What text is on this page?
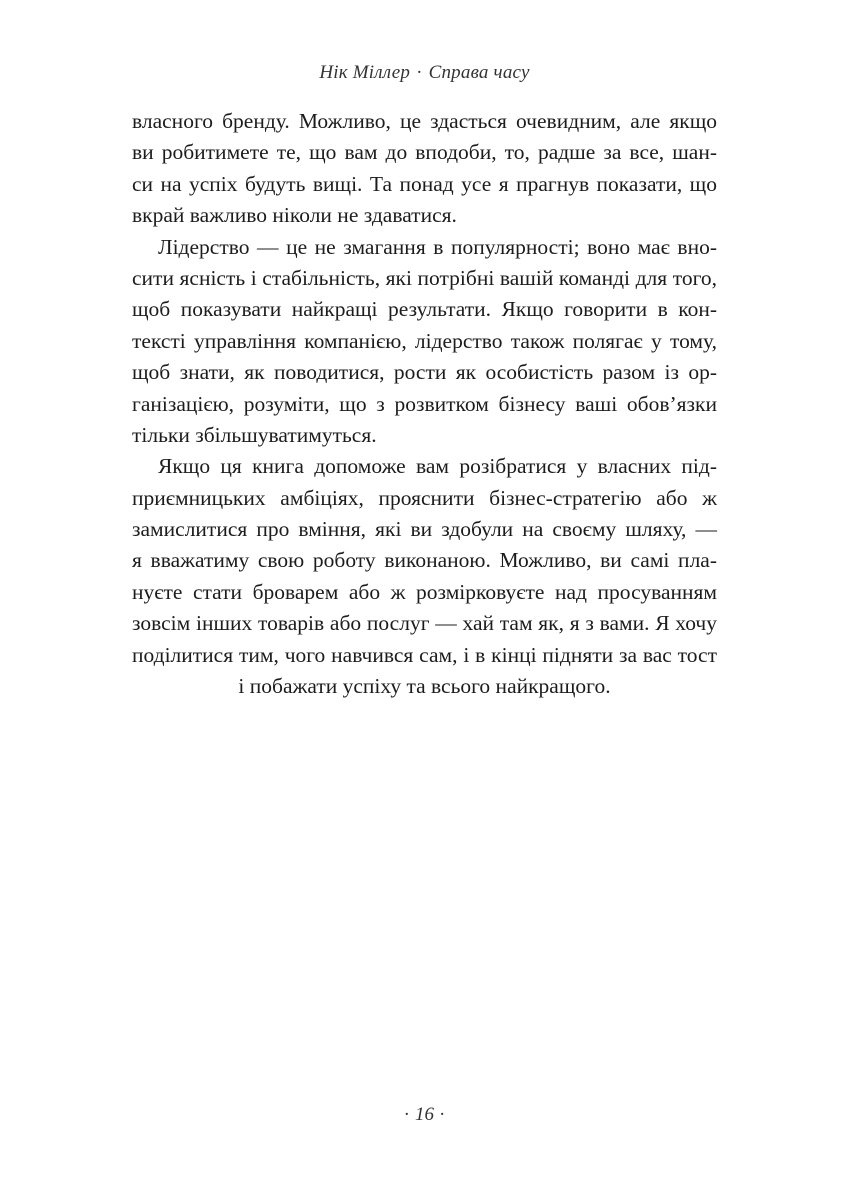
Нік Міллер · Справа часу
власного бренду. Можливо, це здасться очевидним, але якщо
ви робитимете те, що вам до вподоби, то, радше за все, шан-
си на успіх будуть вищі. Та понад усе я прагнув показати, що
вкрай важливо ніколи не здаватися.
Лідерство — це не змагання в популярності; воно має вно-
сити ясність і стабільність, які потрібні вашій команді для того,
щоб показувати найкращі результати. Якщо говорити в кон-
тексті управління компанією, лідерство також полягає у тому,
щоб знати, як поводитися, рости як особистість разом із ор-
ганізацією, розуміти, що з розвитком бізнесу ваші обов’язки
тільки збільшуватимуться.
Якщо ця книга допоможе вам розібратися у власних під-
приємницьких амбіціях, прояснити бізнес-стратегію або ж
замислитися про вміння, які ви здобули на своєму шляху, —
я вважатиму свою роботу виконаною. Можливо, ви самі пла-
нуєте стати броварем або ж розмірковуєте над просуванням
зовсім інших товарів або послуг — хай там як, я з вами. Я хочу
поділитися тим, чого навчився сам, і в кінці підняти за вас тост
і побажати успіху та всього найкращого.
· 16 ·
